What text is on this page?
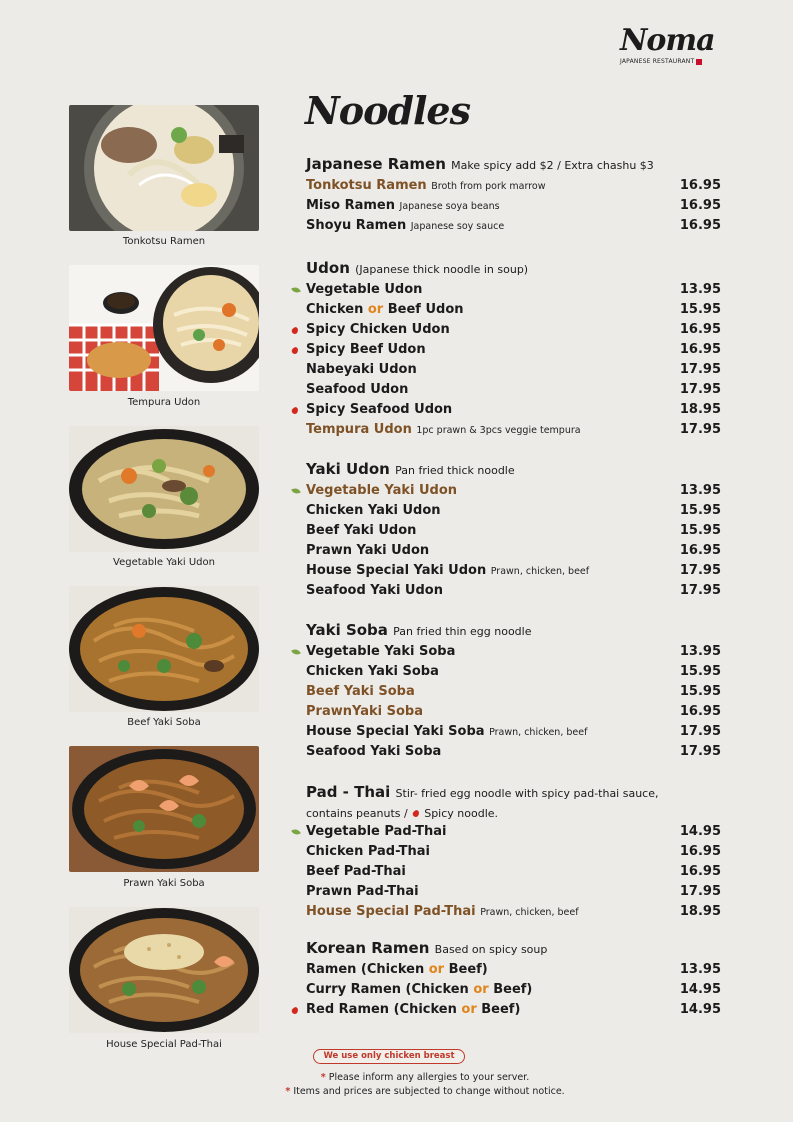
Noma
JAPANESE RESTAURANT
Noodles
Tonkotsu Ramen
Tempura Udon
Vegetable Yaki Udon
Beef Yaki Soba
Prawn Yaki Soba
House Special Pad-Thai
Japanese Ramen Make spicy add $2 / Extra chashu $3
Tonkotsu Ramen Broth from pork marrow	16.95
Miso Ramen Japanese soya beans	16.95
Shoyu Ramen Japanese soy sauce	16.95
Udon (Japanese thick noodle in soup)
Vegetable Udon	13.95
Chicken or Beef Udon	15.95
Spicy Chicken Udon	16.95
Spicy Beef Udon	16.95
Nabeyaki Udon	17.95
Seafood Udon	17.95
Spicy Seafood Udon	18.95
Tempura Udon 1pc prawn & 3pcs veggie tempura	17.95
Yaki Udon Pan fried thick noodle
Vegetable Yaki Udon	13.95
Chicken Yaki Udon	15.95
Beef Yaki Udon	15.95
Prawn Yaki Udon	16.95
House Special Yaki Udon Prawn, chicken, beef	17.95
Seafood Yaki Udon	17.95
Yaki Soba Pan fried thin egg noodle
Vegetable Yaki Soba	13.95
Chicken Yaki Soba	15.95
Beef Yaki Soba	15.95
PrawnYaki Soba	16.95
House Special Yaki Soba Prawn, chicken, beef	17.95
Seafood Yaki Soba	17.95
Pad - Thai Stir- fried egg noodle with spicy pad-thai sauce,
contains peanuts / Spicy noodle.
Vegetable Pad-Thai	14.95
Chicken Pad-Thai	16.95
Beef Pad-Thai	16.95
Prawn Pad-Thai	17.95
House Special Pad-Thai Prawn, chicken, beef	18.95
Korean Ramen Based on spicy soup
Ramen (Chicken or Beef)	13.95
Curry Ramen (Chicken or Beef)	14.95
Red Ramen (Chicken or Beef)	14.95
We use only chicken breast
* Please inform any allergies to your server.
* Items and prices are subjected to change without notice.
